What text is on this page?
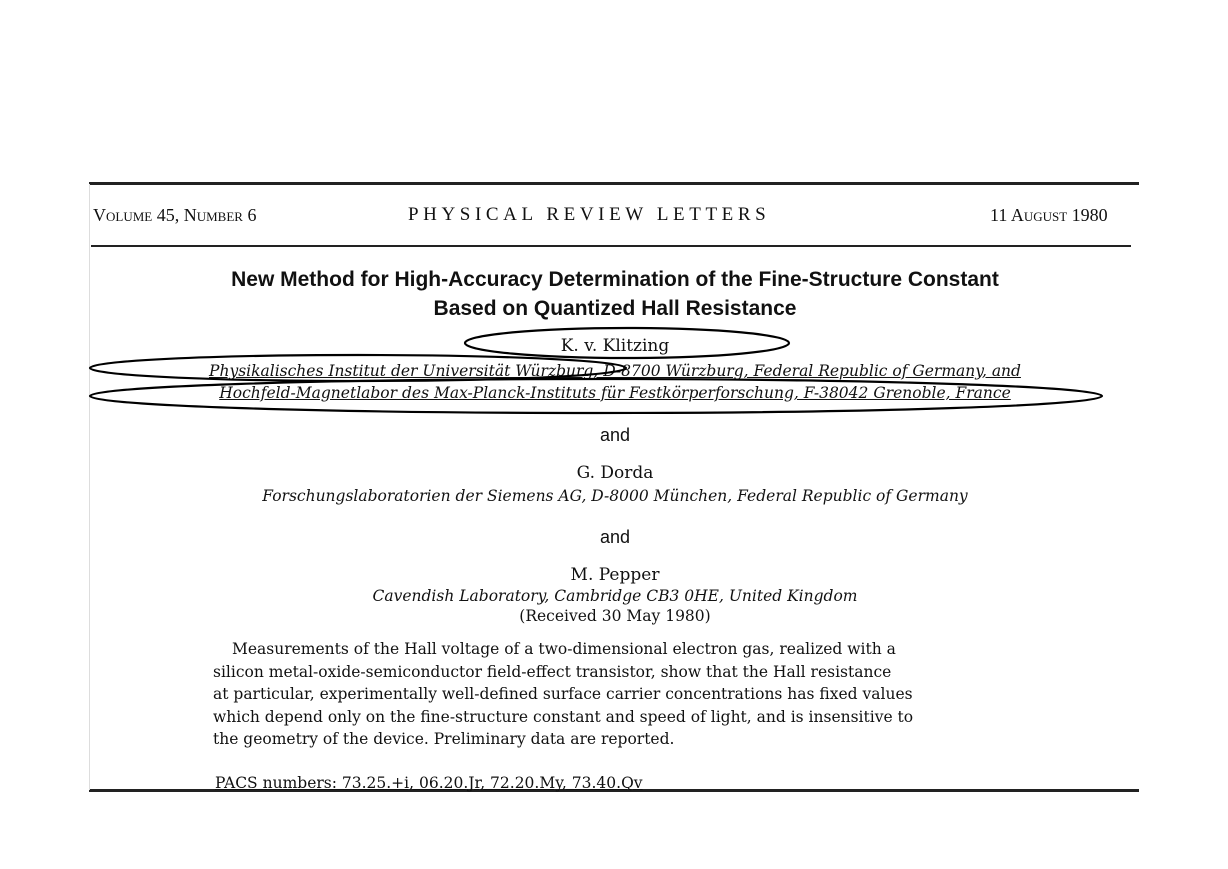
Volume 45, Number 6	PHYSICAL REVIEW LETTERS	11 August 1980
New Method for High-Accuracy Determination of the Fine-Structure Constant
Based on Quantized Hall Resistance
K. v. Klitzing
Physikalisches Institut der Universität Würzburg, D-8700 Würzburg, Federal Republic of Germany, and
Hochfeld-Magnetlabor des Max-Planck-Instituts für Festkörperforschung, F-38042 Grenoble, France
and
G. Dorda
Forschungslaboratorien der Siemens AG, D-8000 München, Federal Republic of Germany
and
M. Pepper
Cavendish Laboratory, Cambridge CB3 0HE, United Kingdom
(Received 30 May 1980)
Measurements of the Hall voltage of a two-dimensional electron gas, realized with a
silicon metal-oxide-semiconductor field-effect transistor, show that the Hall resistance
at particular, experimentally well-defined surface carrier concentrations has fixed values
which depend only on the fine-structure constant and speed of light, and is insensitive to
the geometry of the device. Preliminary data are reported.
PACS numbers: 73.25.+i, 06.20.Jr, 72.20.My, 73.40.Qv
